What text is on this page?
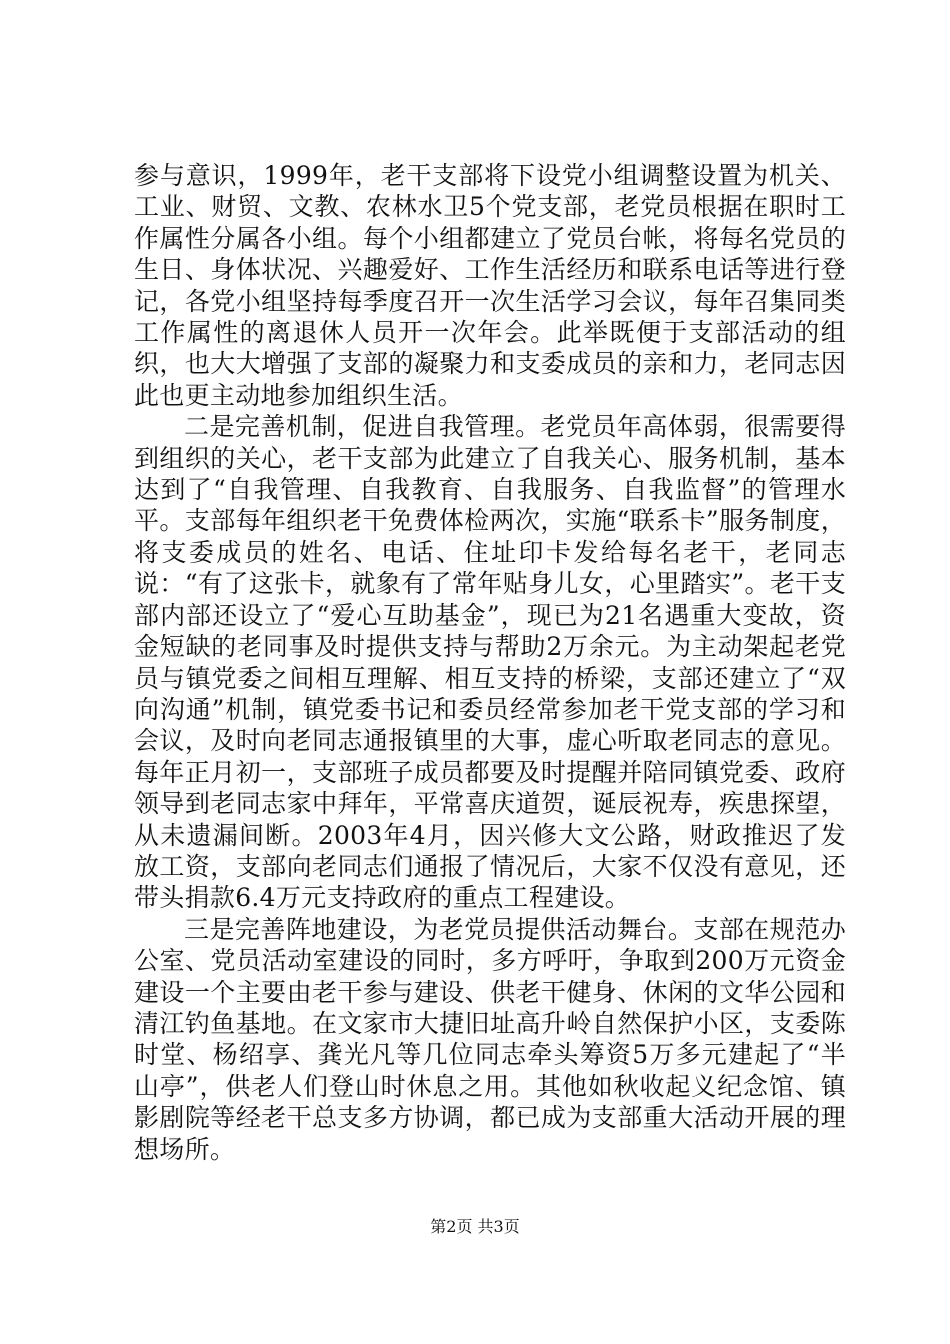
参与意识，1999年，老干支部将下设党小组调整设置为机关、工业、财贸、文教、农林水卫5个党支部，老党员根据在职时工作属性分属各小组。每个小组都建立了党员台帐，将每名党员的生日、身体状况、兴趣爱好、工作生活经历和联系电话等进行登记，各党小组坚持每季度召开一次生活学习会议，每年召集同类工作属性的离退休人员开一次年会。此举既便于支部活动的组织，也大大增强了支部的凝聚力和支委成员的亲和力，老同志因此也更主动地参加组织生活。

二是完善机制，促进自我管理。老党员年高体弱，很需要得到组织的关心，老干支部为此建立了自我关心、服务机制，基本达到了“自我管理、自我教育、自我服务、自我监督”的管理水平。支部每年组织老干免费体检两次，实施“联系卡”服务制度，将支委成员的姓名、电话、住址印卡发给每名老干，老同志说：“有了这张卡，就象有了常年贴身儿女，心里踏实”。老干支部内部还设立了“爱心互助基金”，现已为21名遇重大变故，资金短缺的老同事及时提供支持与帮助2万余元。为主动架起老党员与镇党委之间相互理解、相互支持的桥梁，支部还建立了“双向沟通”机制，镇党委书记和委员经常参加老干党支部的学习和会议，及时向老同志通报镇里的大事，虚心听取老同志的意见。每年正月初一，支部班子成员都要及时提醒并陪同镇党委、政府领导到老同志家中拜年，平常喜庆道贺，诞辰祝寿，疾患探望，从未遗漏间断。2003年4月，因兴修大文公路，财政推迟了发放工资，支部向老同志们通报了情况后，大家不仅没有意见，还带头捐款6.4万元支持政府的重点工程建设。

三是完善阵地建设，为老党员提供活动舞台。支部在规范办公室、党员活动室建设的同时，多方呼吁，争取到200万元资金建设一个主要由老干参与建设、供老干健身、休闲的文华公园和清江钓鱼基地。在文家市大捷旧址高升岭自然保护小区，支委陈时堂、杨绍享、龚光凡等几位同志牵头筹资5万多元建起了“半山亭”，供老人们登山时休息之用。其他如秋收起义纪念馆、镇影剧院等经老干总支多方协调，都已成为支部重大活动开展的理想场所。

第2页 共3页
